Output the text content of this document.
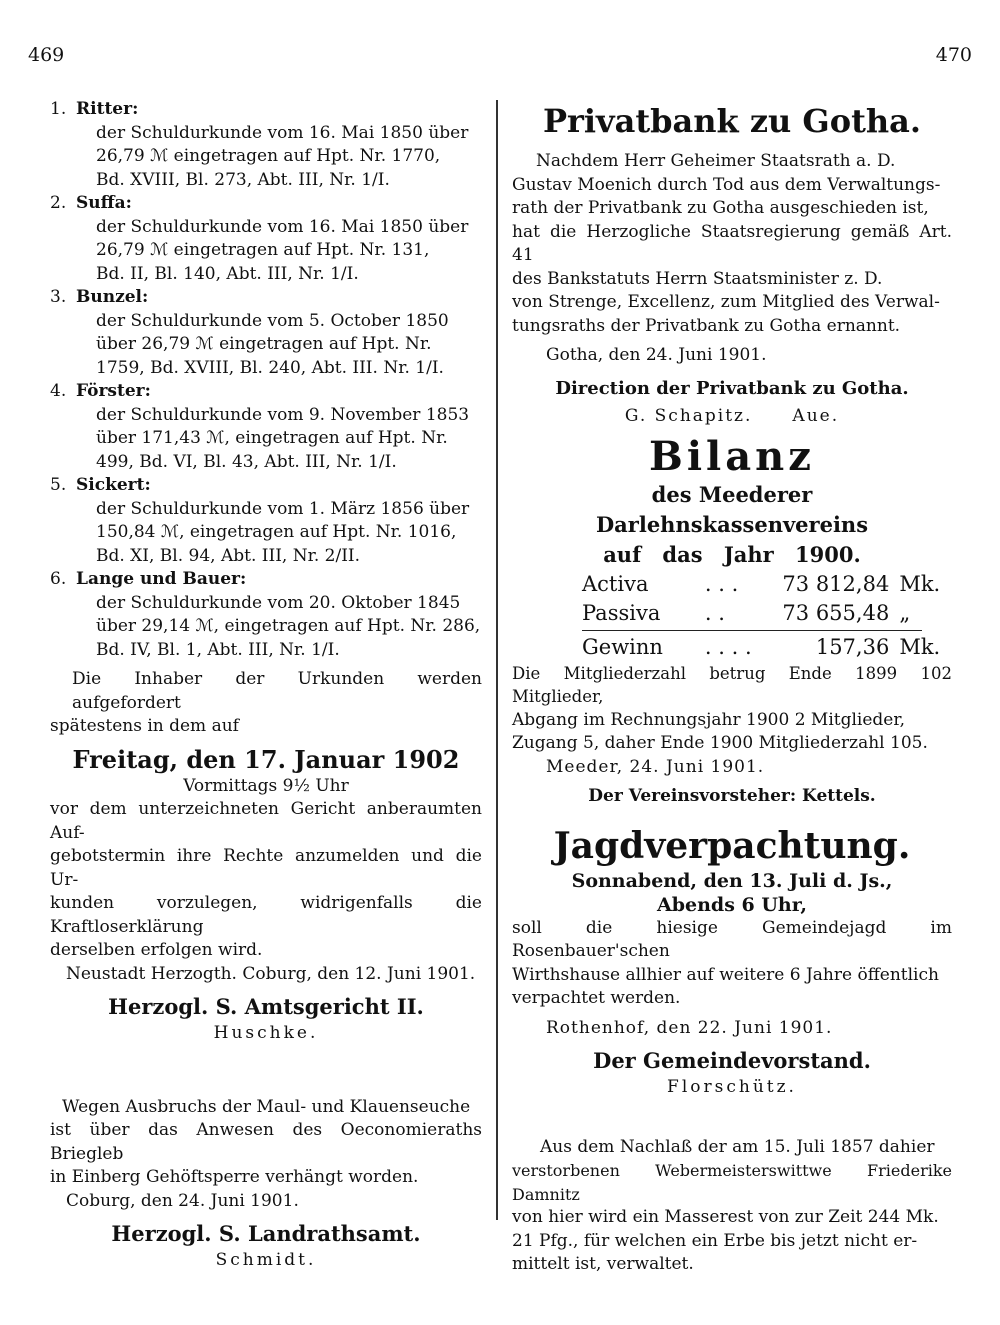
469	470
1. Ritter:

der Schuldurkunde vom 16. Mai 1850 über

26,79 ℳ eingetragen auf Hpt. Nr. 1770,

Bd. XVIII, Bl. 273, Abt. III, Nr. 1/I.

2. Suffa:

der Schuldurkunde vom 16. Mai 1850 über

26,79 ℳ eingetragen auf Hpt. Nr. 131,

Bd. II, Bl. 140, Abt. III, Nr. 1/I.

3. Bunzel:

der Schuldurkunde vom 5. October 1850

über 26,79 ℳ eingetragen auf Hpt. Nr.

1759, Bd. XVIII, Bl. 240, Abt. III. Nr. 1/I.

4. Förster:

der Schuldurkunde vom 9. November 1853

über 171,43 ℳ, eingetragen auf Hpt. Nr.

499, Bd. VI, Bl. 43, Abt. III, Nr. 1/I.

5. Sickert:

der Schuldurkunde vom 1. März 1856 über

150,84 ℳ, eingetragen auf Hpt. Nr. 1016,

Bd. XI, Bl. 94, Abt. III, Nr. 2/II.

6. Lange und Bauer:

der Schuldurkunde vom 20. Oktober 1845

über 29,14 ℳ, eingetragen auf Hpt. Nr. 286,

Bd. IV, Bl. 1, Abt. III, Nr. 1/I.

Die Inhaber der Urkunden werden aufgefordert

spätestens in dem auf

Freitag, den 17. Januar 1902

Vormittags 9½ Uhr

vor dem unterzeichneten Gericht anberaumten Auf-

gebotstermin ihre Rechte anzumelden und die Ur-

kunden vorzulegen, widrigenfalls die Kraftloserklärung

derselben erfolgen wird.

Neustadt Herzogth. Coburg, den 12. Juni 1901.

Herzogl. S. Amtsgericht II.

Huschke.

Wegen Ausbruchs der Maul- und Klauenseuche

ist über das Anwesen des Oeconomieraths Briegleb

in Einberg Gehöftsperre verhängt worden.

Coburg, den 24. Juni 1901.

Herzogl. S. Landrathsamt.

Schmidt.

Privatbank zu Gotha.

Nachdem Herr Geheimer Staatsrath a. D.

Gustav Moenich durch Tod aus dem Verwaltungs-

rath der Privatbank zu Gotha ausgeschieden ist,

hat die Herzogliche Staatsregierung gemäß Art. 41

des Bankstatuts Herrn Staatsminister z. D.

von Strenge, Excellenz, zum Mitglied des Verwal-

tungsraths der Privatbank zu Gotha ernannt.

Gotha, den 24. Juni 1901.

Direction der Privatbank zu Gotha.
G. Schapitz. Aue.
Bilanz
des Meederer Darlehnskassenvereins
auf das Jahr 1900.
Activa	. . .	73 812,84 Mk.
Passiva	. .	73 655,48 „
Gewinn	. . . .	157,36 Mk.

Die Mitgliederzahl betrug Ende 1899 102 Mitglieder,

Abgang im Rechnungsjahr 1900 2 Mitglieder,

Zugang 5, daher Ende 1900 Mitgliederzahl 105.

Meeder, 24. Juni 1901.

Der Vereinsvorsteher: Kettels.

Jagdverpachtung.
Sonnabend, den 13. Juli d. Js.,
Abends 6 Uhr,

soll die hiesige Gemeindejagd im Rosenbauer'schen

Wirthshause allhier auf weitere 6 Jahre öffentlich

verpachtet werden.

Rothenhof, den 22. Juni 1901.

Der Gemeindevorstand.

Florschütz.

Aus dem Nachlaß der am 15. Juli 1857 dahier

verstorbenen Webermeisterswittwe Friederike Damnitz

von hier wird ein Masserest von zur Zeit 244 Mk.

21 Pfg., für welchen ein Erbe bis jetzt nicht er-

mittelt ist, verwaltet.
